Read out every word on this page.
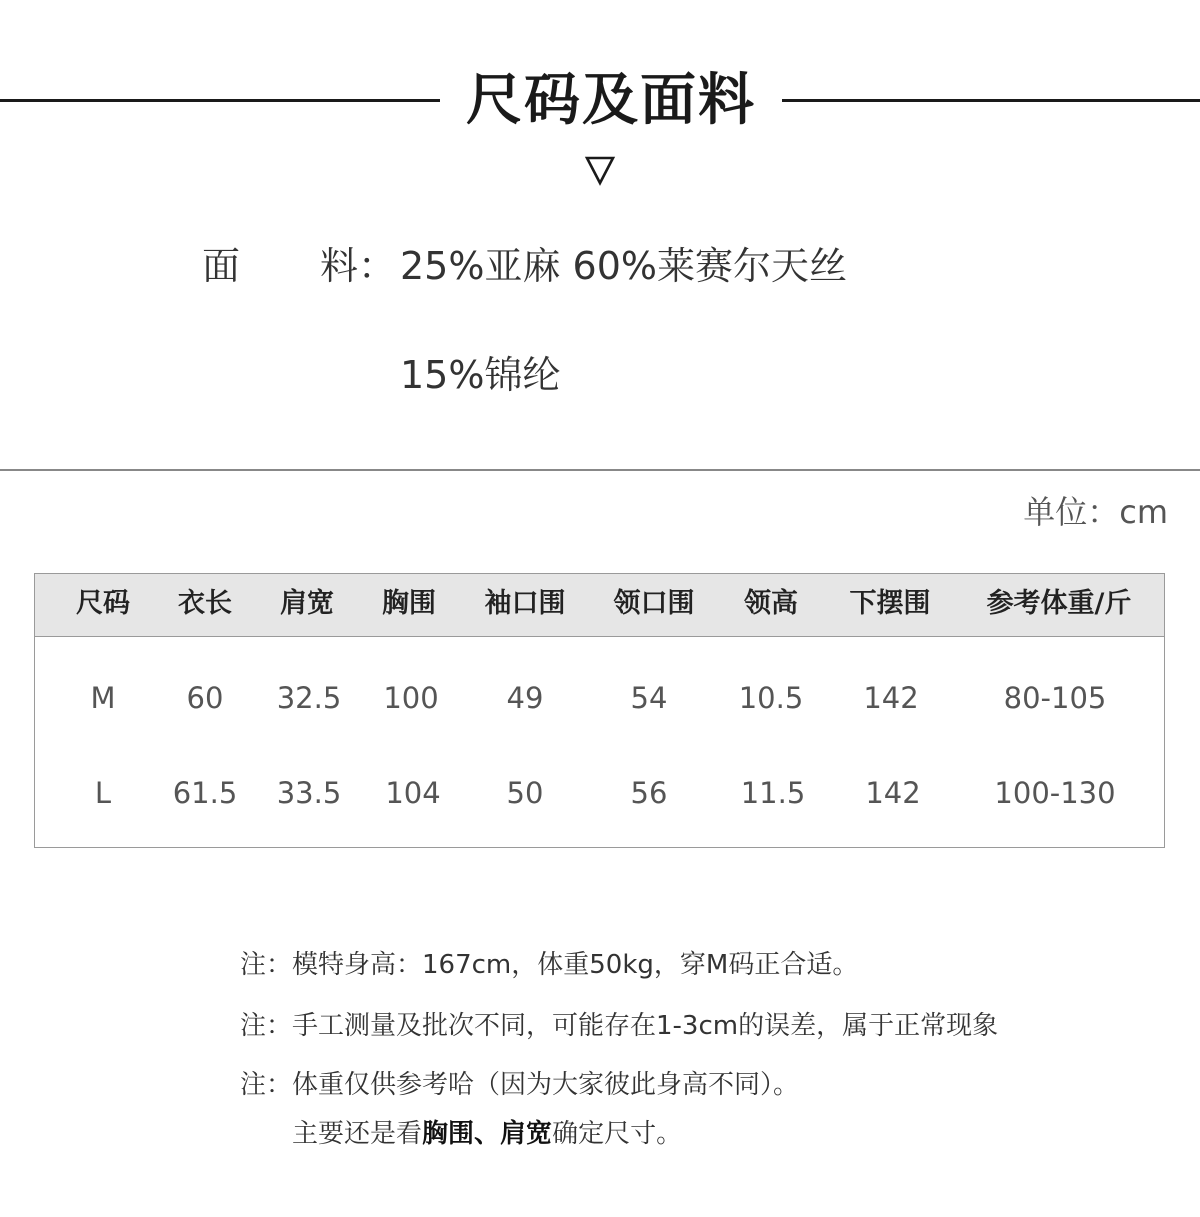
尺码及面料
面 料： 25%亚麻 60%莱赛尔天丝
15%锦纶
单位：cm
尺码 衣长 肩宽 胸围 袖口围 领口围 领高 下摆围 参考体重/斤
M 60 32.5 100 49	54 10.5 142	80-105
L 61.5 33.5 104 50	56	11.5 142	100-130
注：模特身高：167cm，体重50kg，穿M码正合适。
注：手工测量及批次不同，可能存在1-3cm的误差，属于正常现象
注：体重仅供参考哈（因为大家彼此身高不同）。
主要还是看胸围、肩宽确定尺寸。
